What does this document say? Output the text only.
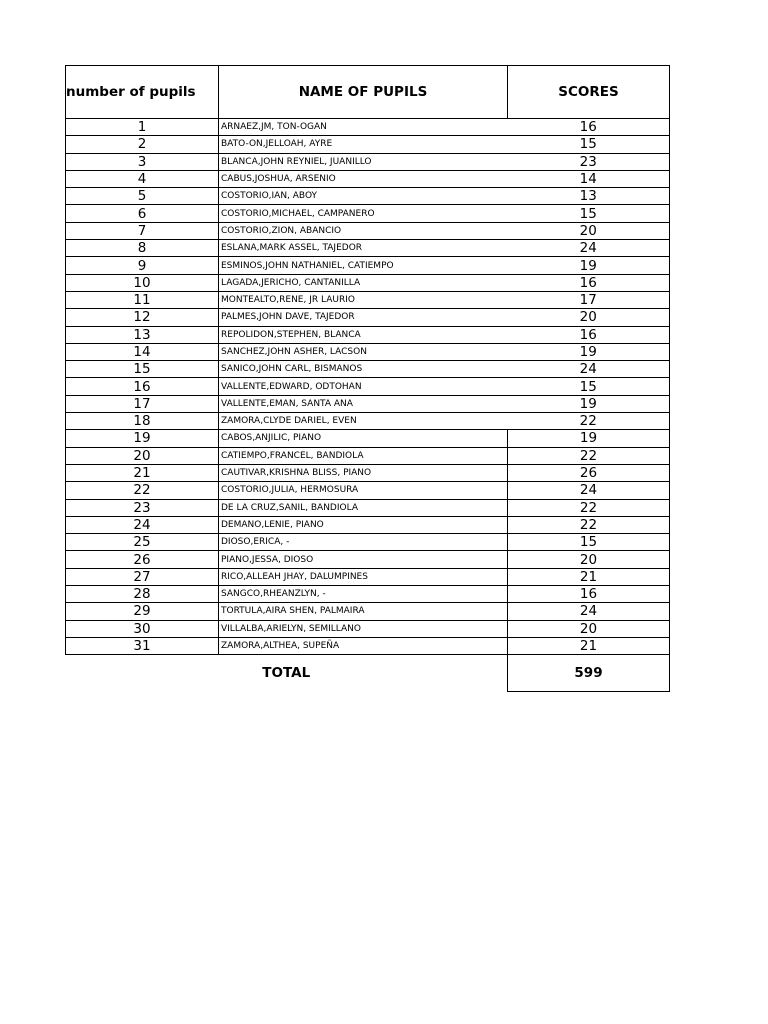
number of pupils	NAME OF PUPILS	SCORES
1	ARNAEZ,JM, TON-OGAN	16
2	BATO-ON,JELLOAH, AYRE	15
3	BLANCA,JOHN REYNIEL, JUANILLO	23
4	CABUS,JOSHUA, ARSENIO	14
5	COSTORIO,IAN, ABOY	13
6	COSTORIO,MICHAEL, CAMPANERO	15
7	COSTORIO,ZION, ABANCIO	20
8	ESLANA,MARK ASSEL, TAJEDOR	24
9	ESMINOS,JOHN NATHANIEL, CATIEMPO	19
10	LAGADA,JERICHO, CANTANILLA	16
11	MONTEALTO,RENE, JR LAURIO	17
12	PALMES,JOHN DAVE, TAJEDOR	20
13	REPOLIDON,STEPHEN, BLANCA	16
14	SANCHEZ,JOHN ASHER, LACSON	19
15	SANICO,JOHN CARL, BISMANOS	24
16	VALLENTE,EDWARD, ODTOHAN	15
17	VALLENTE,EMAN, SANTA ANA	19
18	ZAMORA,CLYDE DARIEL, EVEN	22
19	CABOS,ANJILIC, PIANO	19
20	CATIEMPO,FRANCEL, BANDIOLA	22
21	CAUTIVAR,KRISHNA BLISS, PIANO	26
22	COSTORIO,JULIA, HERMOSURA	24
23	DE LA CRUZ,SANIL, BANDIOLA	22
24	DEMANO,LENIE, PIANO	22
25	DIOSO,ERICA, -	15
26	PIANO,JESSA, DIOSO	20
27	RICO,ALLEAH JHAY, DALUMPINES	21
28	SANGCO,RHEANZLYN, -	16
29	TORTULA,AIRA SHEN, PALMAIRA	24
30	VILLALBA,ARIELYN, SEMILLANO	20
31	ZAMORA,ALTHEA, SUPEÑA	21
TOTAL		599
